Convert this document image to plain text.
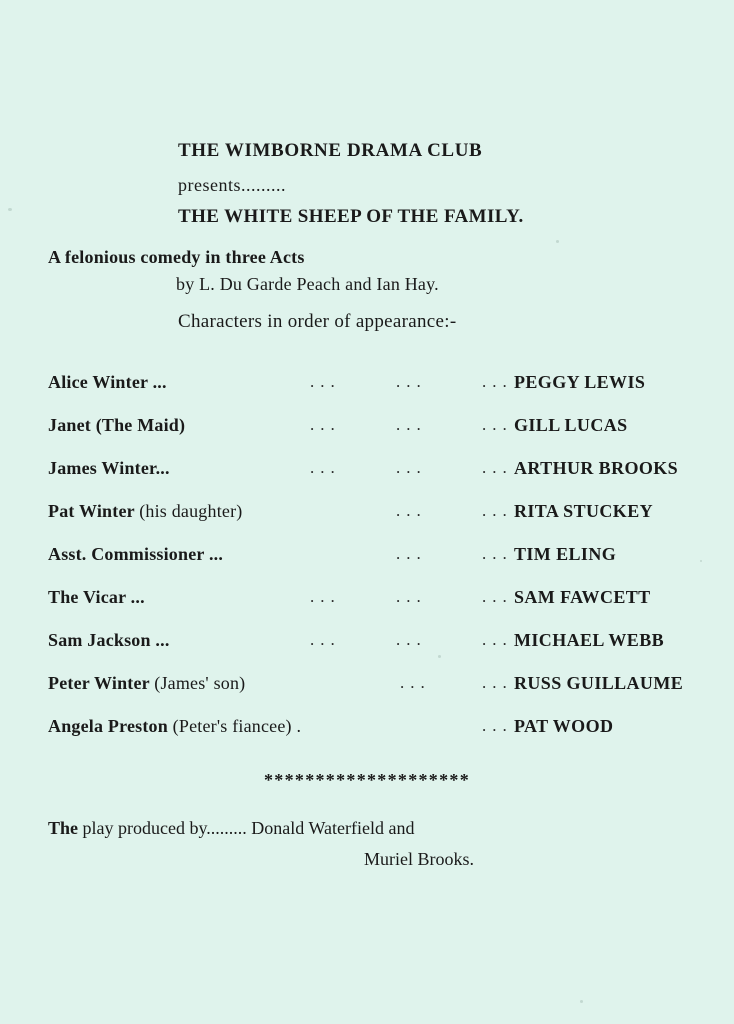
THE WIMBORNE DRAMA CLUB
presents.........
THE WHITE SHEEP OF THE FAMILY.
A felonious comedy in three Acts
by L. Du Garde Peach and Ian Hay.
Characters in order of appearance:-
Alice Winter ...	...	...	... PEGGY LEWIS
Janet (The Maid)	...	...	... GILL LUCAS
James Winter...	...	...	... ARTHUR BROOKS
Pat Winter (his daughter)	...	... RITA STUCKEY
Asst. Commissioner ...	...	... TIM ELING
The Vicar ...	...	...	... SAM FAWCETT
Sam Jackson ...	...	...	... MICHAEL WEBB
Peter Winter (James' son)	...	... RUSS GUILLAUME
Angela Preston (Peter's fiancee) .	... PAT WOOD
********************
The play produced by......... Donald Waterfield and
Muriel Brooks.
